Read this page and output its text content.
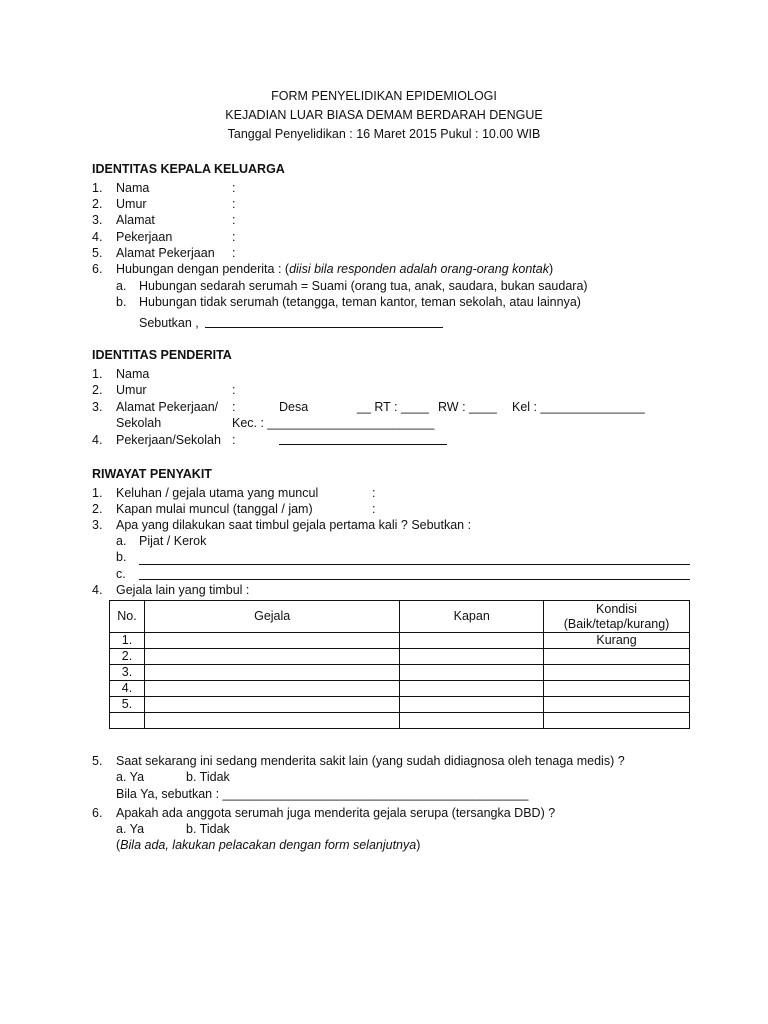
FORM PENYELIDIKAN EPIDEMIOLOGI
KEJADIAN LUAR BIASA DEMAM BERDARAH DENGUE
Tanggal Penyelidikan : 16 Maret 2015 Pukul : 10.00 WIB
IDENTITAS KEPALA KELUARGA
1. Nama	:
2. Umur	:
3. Alamat	:
4. Pekerjaan	:
5. Alamat Pekerjaan :
6. Hubungan dengan penderita : (diisi bila responden adalah orang-orang kontak)
a. Hubungan sedarah serumah = Suami (orang tua, anak, saudara, bukan saudara)
b. Hubungan tidak serumah (tetangga, teman kantor, teman sekolah, atau lainnya)
Sebutkan ,
IDENTITAS PENDERITA
1. Nama
2. Umur	:
3. Alamat Pekerjaan/ :	Desa	__ RT : ____ RW : ____ Kel : _______________
Sekolah	Kec. : ________________________
4. Pekerjaan/Sekolah :
RIWAYAT PENYAKIT
1. Keluhan / gejala utama yang muncul	:
2. Kapan mulai muncul (tanggal / jam)	:
3. Apa yang dilakukan saat timbul gejala pertama kali ? Sebutkan :
a. Pijat / Kerok
b.
c.
4. Gejala lain yang timbul :
No.	Gejala	Kapan	Kondisi
(Baik/tetap/kurang)
1.			Kurang
2.			
3.			
4.			
5.			

5. Saat sekarang ini sedang menderita sakit lain (yang sudah didiagnosa oleh tenaga medis) ?
a. Ya	b. Tidak
Bila Ya, sebutkan : ____________________________________________
6. Apakah ada anggota serumah juga menderita gejala serupa (tersangka DBD) ?
a. Ya	b. Tidak
(Bila ada, lakukan pelacakan dengan form selanjutnya)
